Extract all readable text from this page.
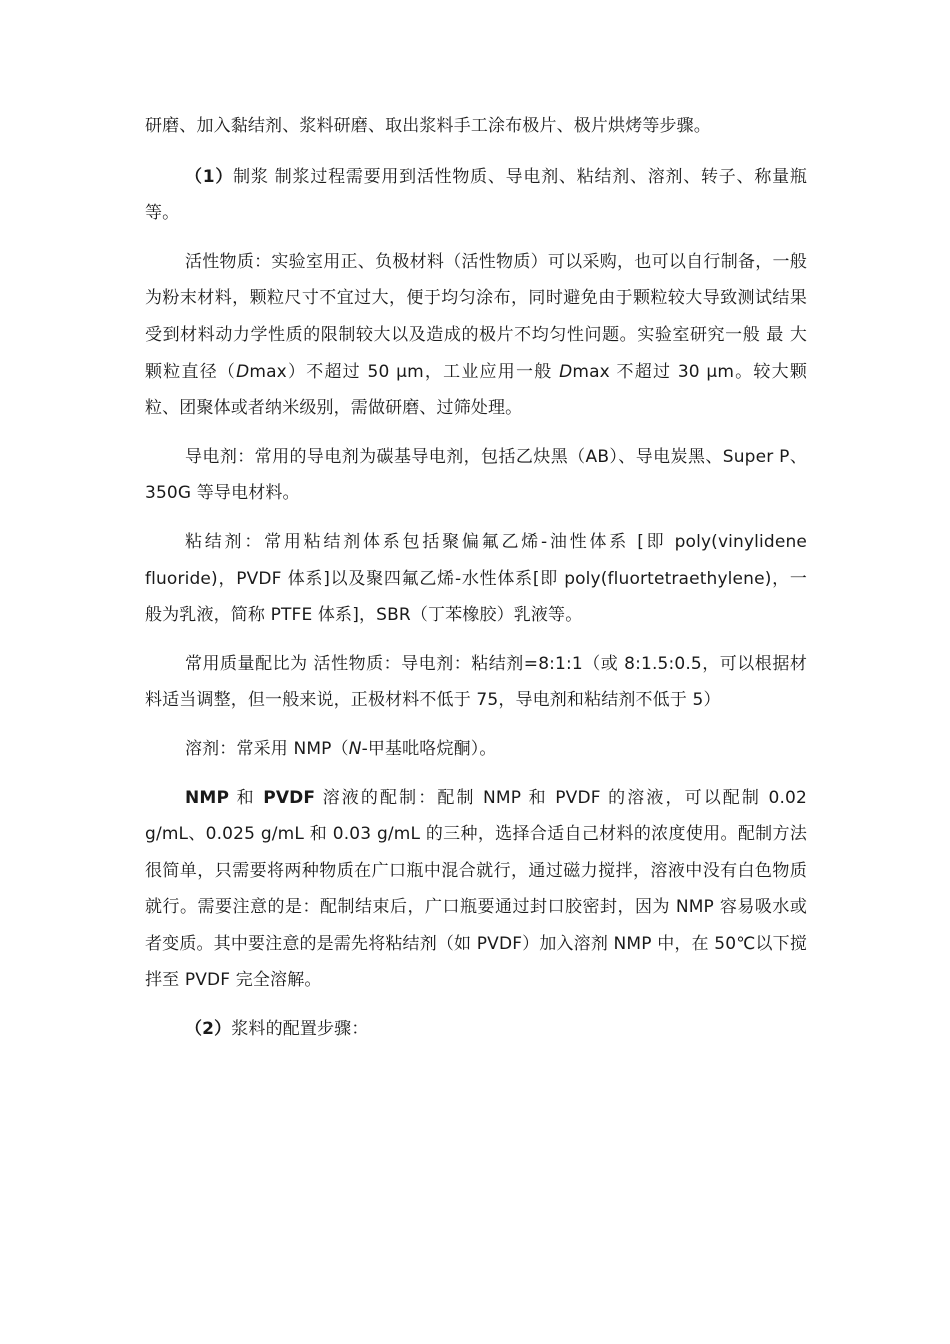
研磨、加入黏结剂、浆料研磨、取出浆料手工涂布极片、极片烘烤等步骤。

（1）制浆 制浆过程需要用到活性物质、导电剂、粘结剂、溶剂、转子、称量瓶等。

活性物质：实验室用正、负极材料（活性物质）可以采购，也可以自行制备，一般为粉末材料，颗粒尺寸不宜过大，便于均匀涂布，同时避免由于颗粒较大导致测试结果受到材料动力学性质的限制较大以及造成的极片不均匀性问题。实验室研究一般 最 大颗粒直径（Dmax）不超过 50 μm，工业应用一般 Dmax 不超过 30 μm。较大颗粒、团聚体或者纳米级别，需做研磨、过筛处理。

导电剂：常用的导电剂为碳基导电剂，包括乙炔黑（AB）、导电炭黑、Super P、350G 等导电材料。

粘结剂：常用粘结剂体系包括聚偏氟乙烯-油性体系 [即 poly(vinylidene fluoride)，PVDF 体系]以及聚四氟乙烯-水性体系[即 poly(fluortetraethylene)，一般为乳液，简称 PTFE 体系]，SBR（丁苯橡胶）乳液等。

常用质量配比为 活性物质：导电剂：粘结剂=8:1:1（或 8:1.5:0.5，可以根据材料适当调整，但一般来说，正极材料不低于 75，导电剂和粘结剂不低于 5）

溶剂：常采用 NMP（N-甲基吡咯烷酮）。

NMP 和 PVDF 溶液的配制：配制 NMP 和 PVDF 的溶液，可以配制 0.02 g/mL、0.025 g/mL 和 0.03 g/mL 的三种，选择合适自己材料的浓度使用。配制方法很简单，只需要将两种物质在广口瓶中混合就行，通过磁力搅拌，溶液中没有白色物质就行。需要注意的是：配制结束后，广口瓶要通过封口胶密封，因为 NMP 容易吸水或者变质。其中要注意的是需先将粘结剂（如 PVDF）加入溶剂 NMP 中，在 50℃以下搅拌至 PVDF 完全溶解。

（2）浆料的配置步骤：
